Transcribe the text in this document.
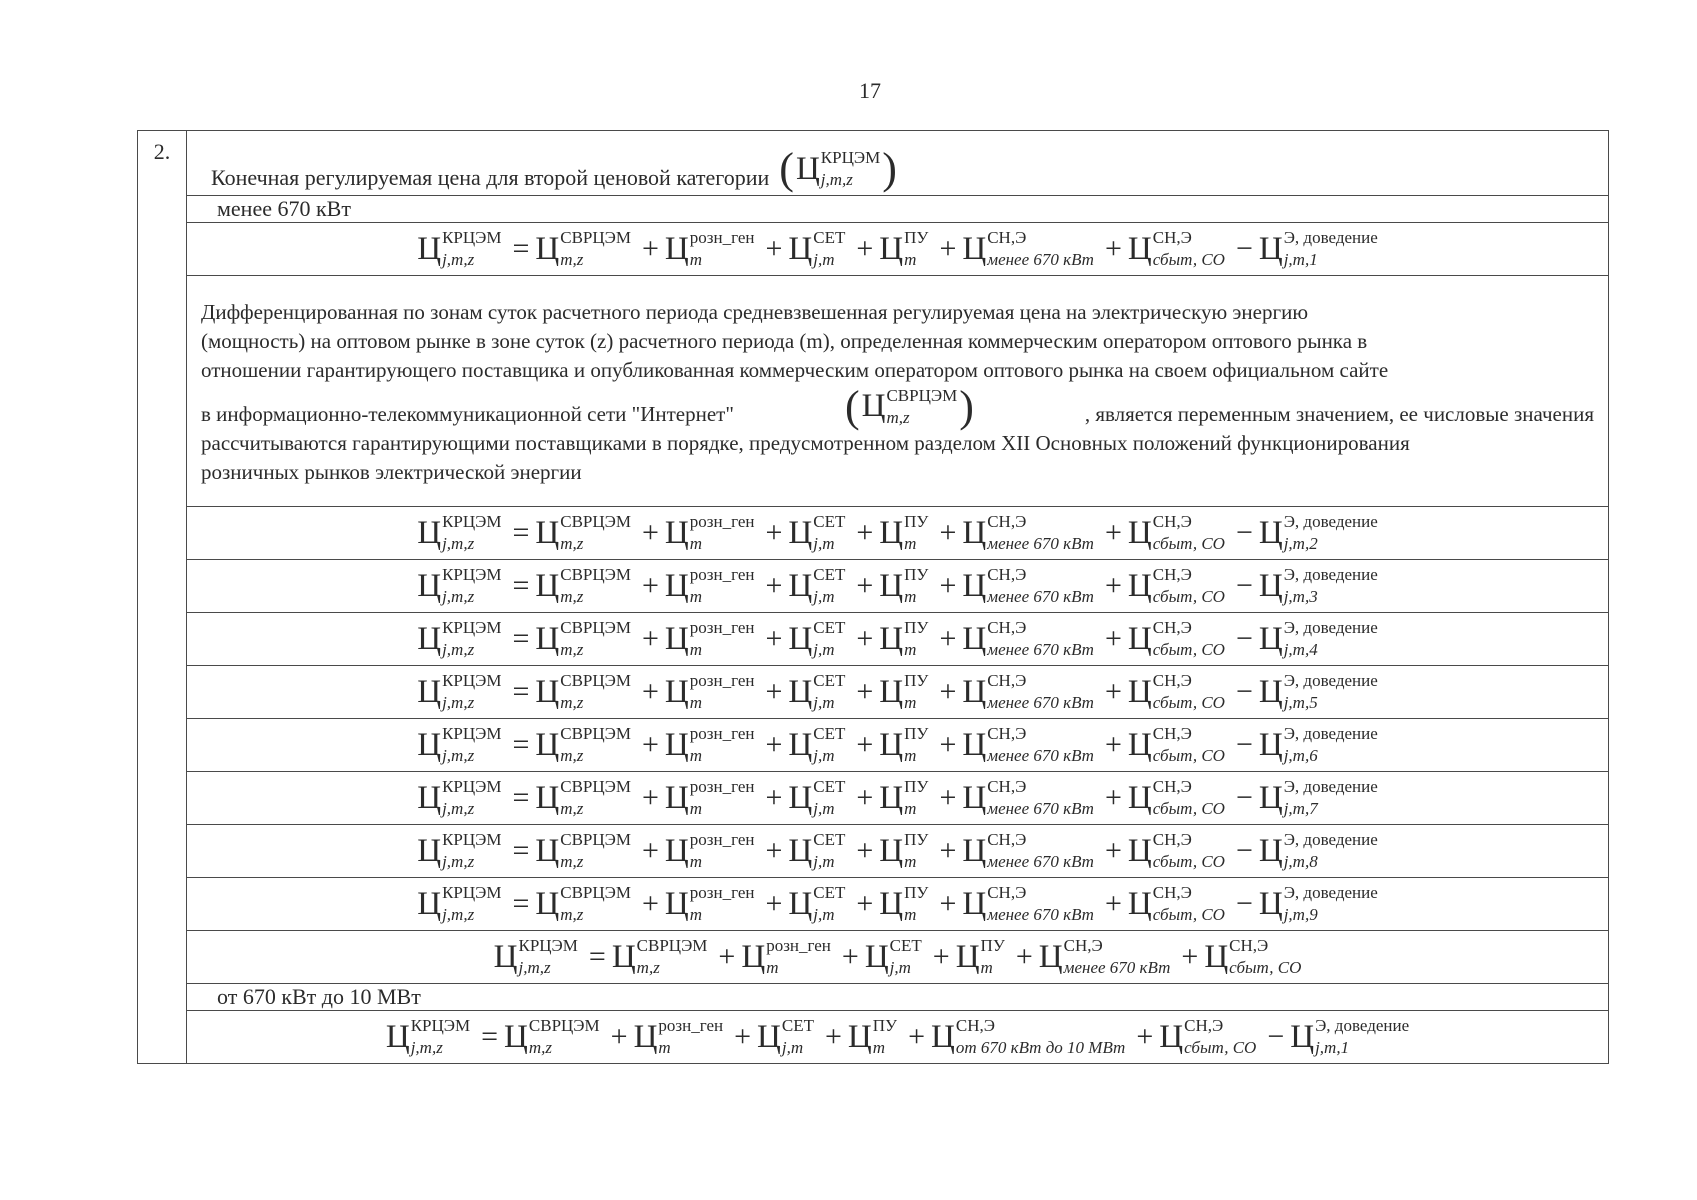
17
2.	
Конечная регулируемая цена для второй ценовой категории ( Ц КРЦЭМ
j,m,z )

менее 670 кВт

Ц КРЦЭМ
j,m,z	= Ц СВРЦЭМ
m,z	+ Ц розн_ген
m	+ Ц СЕТ
j,m + Ц ПУ
m + Ц СН,Э
менее 670 кВт + Ц СН,Э
сбыт, СО − Ц Э, доведение
j,m,1

Дифференцированная по зонам суток расчетного периода средневзвешенная регулируемая цена на электрическую энергию
(мощность) на оптовом рынке в зоне суток (z) расчетного периода (m), определенная коммерческим оператором оптового рынка в
отношении гарантирующего поставщика и опубликованная коммерческим оператором оптового рынка на своем официальном сайте
в информационно-телекоммуникационной сети "Интернет"	( Ц СВРЦЭМ
m,z	)	, является переменным значением, ее числовые значения
рассчитываются гарантирующими поставщиками в порядке, предусмотренном разделом XII Основных положений функционирования
розничных рынков электрической энергии

Ц КРЦЭМ
j,m,z	= Ц СВРЦЭМ
m,z	+ Ц розн_ген
m	+ Ц СЕТ
j,m + Ц ПУ
m + Ц СН,Э
менее 670 кВт + Ц СН,Э
сбыт, СО − Ц Э, доведение
j,m,2

Ц КРЦЭМ
j,m,z	= Ц СВРЦЭМ
m,z	+ Ц розн_ген
m	+ Ц СЕТ
j,m + Ц ПУ
m + Ц СН,Э
менее 670 кВт + Ц СН,Э
сбыт, СО − Ц Э, доведение
j,m,3

Ц КРЦЭМ
j,m,z	= Ц СВРЦЭМ
m,z	+ Ц розн_ген
m	+ Ц СЕТ
j,m + Ц ПУ
m + Ц СН,Э
менее 670 кВт + Ц СН,Э
сбыт, СО − Ц Э, доведение
j,m,4

Ц КРЦЭМ
j,m,z	= Ц СВРЦЭМ
m,z	+ Ц розн_ген
m	+ Ц СЕТ
j,m + Ц ПУ
m + Ц СН,Э
менее 670 кВт + Ц СН,Э
сбыт, СО − Ц Э, доведение
j,m,5

Ц КРЦЭМ
j,m,z	= Ц СВРЦЭМ
m,z	+ Ц розн_ген
m	+ Ц СЕТ
j,m + Ц ПУ
m + Ц СН,Э
менее 670 кВт + Ц СН,Э
сбыт, СО − Ц Э, доведение
j,m,6

Ц КРЦЭМ
j,m,z	= Ц СВРЦЭМ
m,z	+ Ц розн_ген
m	+ Ц СЕТ
j,m + Ц ПУ
m + Ц СН,Э
менее 670 кВт + Ц СН,Э
сбыт, СО − Ц Э, доведение
j,m,7

Ц КРЦЭМ
j,m,z	= Ц СВРЦЭМ
m,z	+ Ц розн_ген
m	+ Ц СЕТ
j,m + Ц ПУ
m + Ц СН,Э
менее 670 кВт + Ц СН,Э
сбыт, СО − Ц Э, доведение
j,m,8

Ц КРЦЭМ
j,m,z	= Ц СВРЦЭМ
m,z	+ Ц розн_ген
m	+ Ц СЕТ
j,m + Ц ПУ
m + Ц СН,Э
менее 670 кВт + Ц СН,Э
сбыт, СО − Ц Э, доведение
j,m,9

Ц КРЦЭМ
j,m,z	= Ц СВРЦЭМ
m,z	+ Ц розн_ген
m	+ Ц СЕТ
j,m + Ц ПУ
m + Ц СН,Э
менее 670 кВт + Ц СН,Э
сбыт, СО

от 670 кВт до 10 МВт

Ц КРЦЭМ
j,m,z	= Ц СВРЦЭМ
m,z	+ Ц розн_ген
m	+ Ц СЕТ
j,m + Ц ПУ
m + Ц СН,Э
от 670 кВт до 10 МВт + Ц СН,Э
сбыт, СО − Ц Э, доведение
j,m,1
